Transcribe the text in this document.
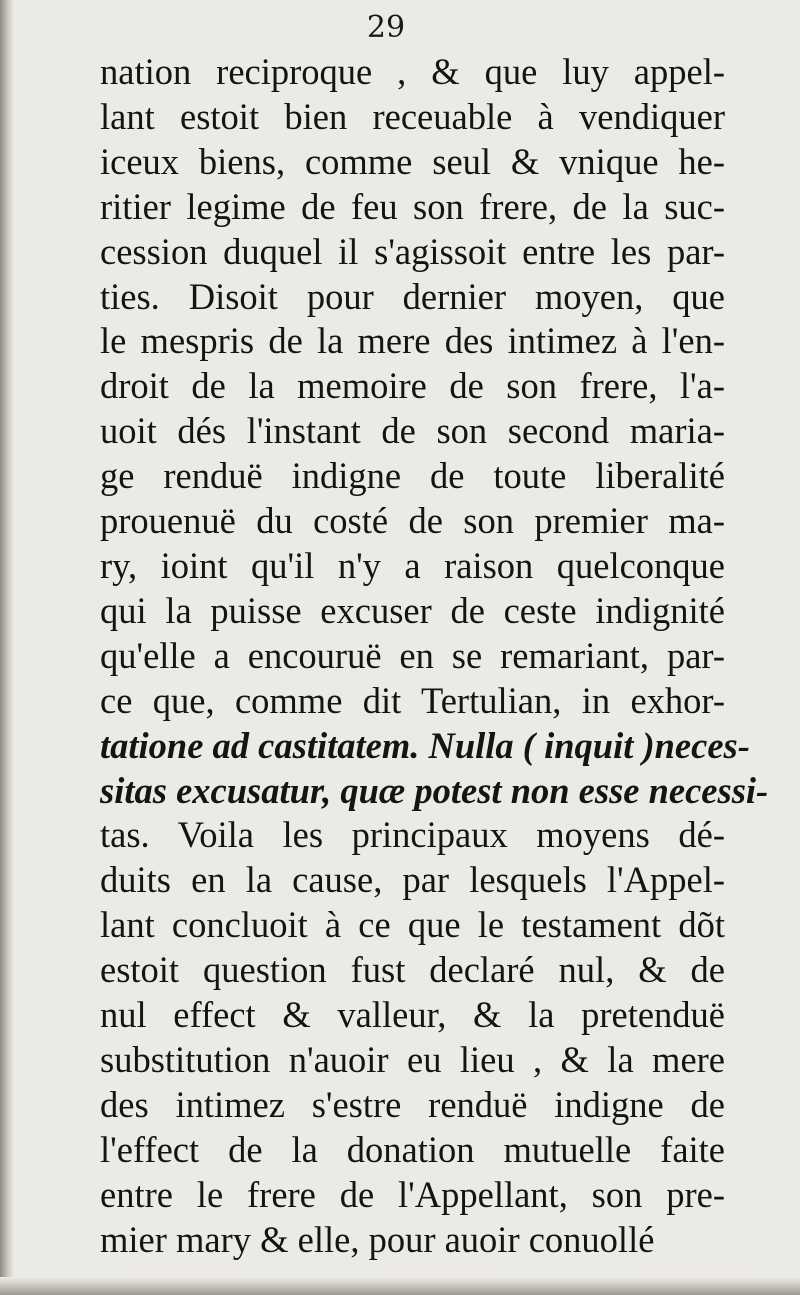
29
nation reciproque , & que luy appel-
lant estoit bien receuable à vendiquer
iceux biens, comme seul & vnique he-
ritier legime de feu son frere, de la suc-
cession duquel il s'agissoit entre les par-
ties. Disoit pour dernier moyen, que
le mespris de la mere des intimez à l'en-
droit de la memoire de son frere, l'a-
uoit dés l'instant de son second maria-
ge renduë indigne de toute liberalité
prouenuë du costé de son premier ma-
ry, ioint qu'il n'y a raison quelconque
qui la puisse excuser de ceste indignité
qu'elle a encouruë en se remariant, par-
ce que, comme dit Tertulian, in exhor-
tatione ad castitatem. Nulla ( inquit )neces-
sitas excusatur, quæ potest non esse necessi-
tas. Voila les principaux moyens dé-
duits en la cause, par lesquels l'Appel-
lant concluoit à ce que le testament dõt
estoit question fust declaré nul, & de
nul effect & valleur, & la pretenduë
substitution n'auoir eu lieu , & la mere
des intimez s'estre renduë indigne de
l'effect de la donation mutuelle faite
entre le frere de l'Appellant, son pre-
mier mary & elle, pour auoir conuollé
